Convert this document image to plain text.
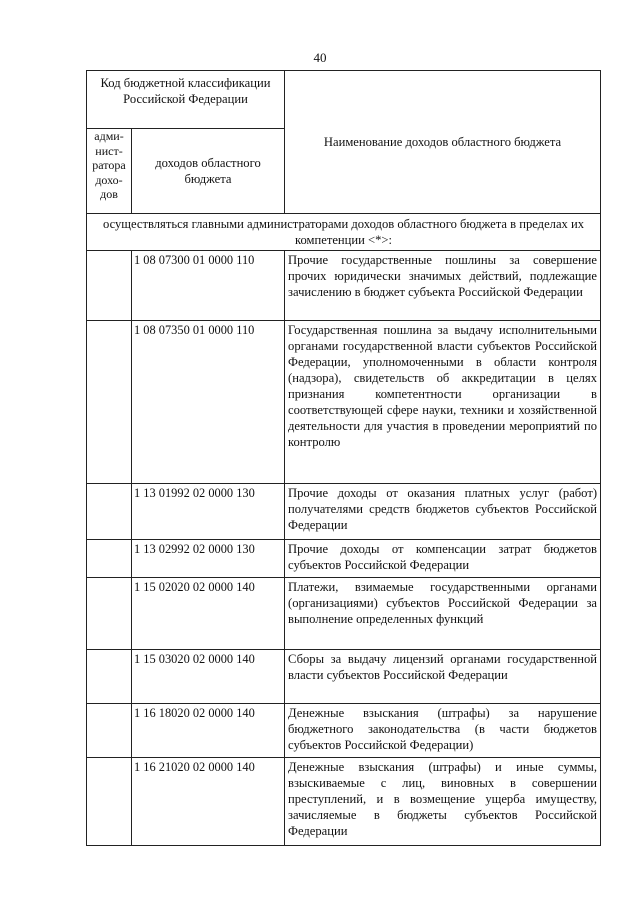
40
Код бюджетной классификации Российской Федерации		Наименование доходов областного бюджета
адми-
нист-
ратора
дохо-
дов	доходов областного бюджета	
осуществляться главными администраторами доходов областного бюджета в пределах их компетенции <*>:		
	1 08 07300 01 0000 110	Прочие государственные пошлины за совершение прочих юридически значимых действий, подлежащие зачислению в бюджет субъекта Российской Федерации
	1 08 07350 01 0000 110	Государственная пошлина за выдачу исполнительными органами государственной власти субъектов Российской Федерации, уполномоченными в области контроля (надзора), свидетельств об аккредитации в целях признания компетентности организации в соответствующей сфере науки, техники и хозяйственной деятельности для участия в проведении мероприятий по контролю
	1 13 01992 02 0000 130	Прочие доходы от оказания платных услуг (работ) получателями средств бюджетов субъектов Российской Федерации
	1 13 02992 02 0000 130	Прочие доходы от компенсации затрат бюджетов субъектов Российской Федерации
	1 15 02020 02 0000 140	Платежи, взимаемые государственными органами (организациями) субъектов Российской Федерации за выполнение определенных функций
	1 15 03020 02 0000 140	Сборы за выдачу лицензий органами государственной власти субъектов Российской Федерации
	1 16 18020 02 0000 140	Денежные взыскания (штрафы) за нарушение бюджетного законодательства (в части бюджетов субъектов Российской Федерации)
	1 16 21020 02 0000 140	Денежные взыскания (штрафы) и иные суммы, взыскиваемые с лиц, виновных в совершении преступлений, и в возмещение ущерба имуществу, зачисляемые в бюджеты субъектов Российской Федерации
